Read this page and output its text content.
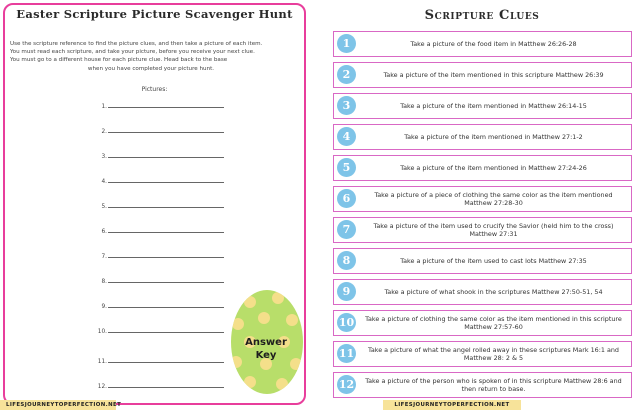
Easter Scripture Picture Scavenger Hunt

Use the scripture reference to find the picture clues, and then take a picture of each item.

You must read each scripture, and take your picture, before you receive your next clue.

You must go to a different house for each picture clue. Head back to the base

when you have completed your picture hunt.

Pictures:
1.
2.
3.
4.
5.
6.
7.
8.
9.
10.
11.
12.
Answer
Key
LIFESJOURNEYTOPERFECTION.NET	LIFESJOURNEYTOPERFECTION.NET
Scripture Clues
1	Take a picture of the food item in Matthew 26:26-28
2	Take a picture of the item mentioned in this scripture Matthew 26:39
3	Take a picture of the item mentioned in Matthew 26:14-15
4	Take a picture of the item mentioned in Matthew 27:1-2
5	Take a picture of the item mentioned in Matthew 27:24-26
6	Take a picture of a piece of clothing the same color as the item mentioned Matthew 27:28-30
7	Take a picture of the item used to crucify the Savior (held him to the cross) Matthew 27:31
8	Take a picture of the item used to cast lots Matthew 27:35
9	Take a picture of what shook in the scriptures Matthew 27:50-51, 54
10	Take a picture of clothing the same color as the item mentioned in this scripture Matthew 27:57-60
11	Take a picture of what the angel rolled away in these scriptures Mark 16:1 and Matthew 28: 2 & 5
12	Take a picture of the person who is spoken of in this scripture Matthew 28:6 and then return to base.
